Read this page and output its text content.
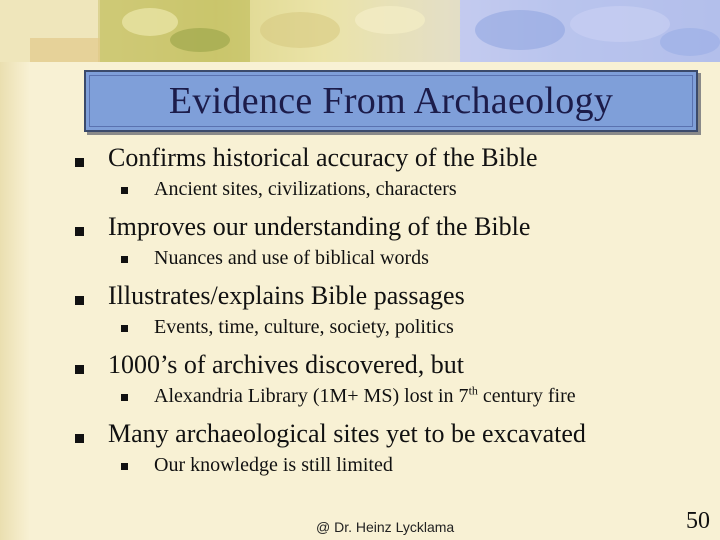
Evidence From Archaeology
Confirms historical accuracy of the Bible
Ancient sites, civilizations, characters
Improves our understanding of the Bible
Nuances and use of biblical words
Illustrates/explains Bible passages
Events, time, culture, society, politics
1000’s of archives discovered, but
Alexandria Library (1M+ MS) lost in 7th century fire
Many archaeological sites yet to be excavated
Our knowledge is still limited
@ Dr. Heinz Lycklama	50
